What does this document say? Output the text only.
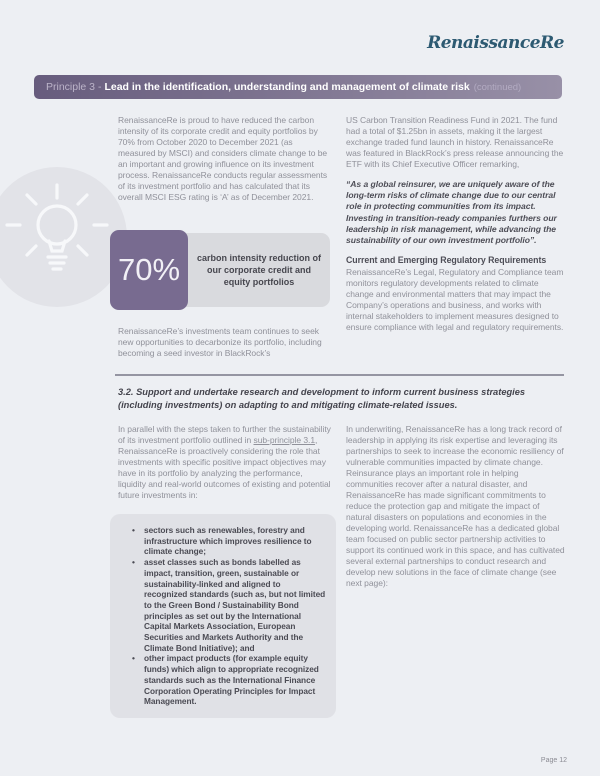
RenaissanceRe
Principle 3 - Lead in the identification, understanding and management of climate risk (continued)
RenaissanceRe is proud to have reduced the carbon intensity of its corporate credit and equity portfolios by 70% from October 2020 to December 2021 (as measured by MSCI) and considers climate change to be an important and growing influence on its investment process. RenaissanceRe conducts regular assessments of its investment portfolio and has calculated that its overall MSCI ESG rating is ‘A’ as of December 2021.
70%	carbon intensity reduction of our corporate credit and equity portfolios
RenaissanceRe’s investments team continues to seek new opportunities to decarbonize its portfolio, including becoming a seed investor in BlackRock’s

US Carbon Transition Readiness Fund in 2021. The fund had a total of $1.25bn in assets, making it the largest exchange traded fund launch in history. RenaissanceRe was featured in BlackRock’s press release announcing the ETF with its Chief Executive Officer remarking,

“As a global reinsurer, we are uniquely aware of the long-term risks of climate change due to our central role in protecting communities from its impact. Investing in transition-ready companies furthers our leadership in risk management, while advancing the sustainability of our own investment portfolio”.

Current and Emerging Regulatory Requirements

RenaissanceRe’s Legal, Regulatory and Compliance team monitors regulatory developments related to climate change and environmental matters that may impact the Company’s operations and business, and works with internal stakeholders to implement measures designed to ensure compliance with legal and regulatory requirements.

3.2. Support and undertake research and development to inform current business strategies (including investments) on adapting to and mitigating climate-related issues.
In parallel with the steps taken to further the sustainability of its investment portfolio outlined in sub-principle 3.1, RenaissanceRe is proactively considering the role that investments with specific positive impact objectives may have in its portfolio by analyzing the performance, liquidity and real-world outcomes of existing and potential future investments in:
• sectors such as renewables, forestry and infrastructure which improves resilience to climate change;
• asset classes such as bonds labelled as impact, transition, green, sustainable or sustainability-linked and aligned to recognized standards (such as, but not limited to the Green Bond / Sustainability Bond principles as set out by the International Capital Markets Association, European Securities and Markets Authority and the Climate Bond Initiative); and
• other impact products (for example equity funds) which align to appropriate recognized standards such as the International Finance Corporation Operating Principles for Impact Management.
In underwriting, RenaissanceRe has a long track record of leadership in applying its risk expertise and leveraging its partnerships to seek to increase the economic resiliency of vulnerable communities impacted by climate change. Reinsurance plays an important role in helping communities recover after a natural disaster, and RenaissanceRe has made significant commitments to reduce the protection gap and mitigate the impact of natural disasters on populations and economies in the developing world. RenaissanceRe has a dedicated global team focused on public sector partnership activities to support its continued work in this space, and has cultivated several external partnerships to conduct research and develop new solutions in the face of climate change (see next page):
Page 12
